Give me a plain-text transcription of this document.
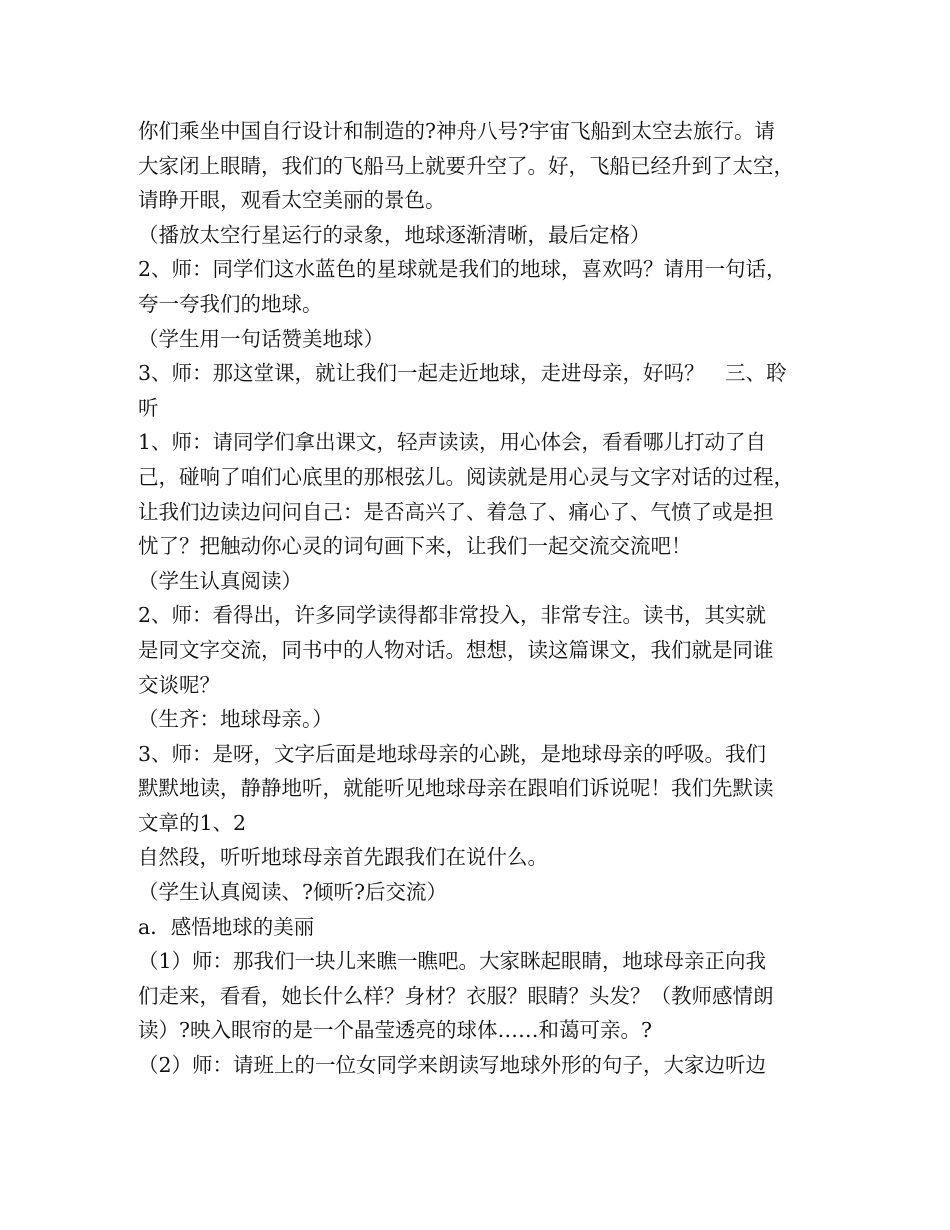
你们乘坐中国自行设计和制造的?神舟八号?宇宙飞船到太空去旅行。请
大家闭上眼睛，我们的飞船马上就要升空了。好，飞船已经升到了太空，
请睁开眼，观看太空美丽的景色。
（播放太空行星运行的录象，地球逐渐清晰，最后定格）
2、师：同学们这水蓝色的星球就是我们的地球，喜欢吗？请用一句话，
夸一夸我们的地球。
（学生用一句话赞美地球）
3、师：那这堂课，就让我们一起走近地球，走进母亲，好吗？　三、聆
听
1、师：请同学们拿出课文，轻声读读，用心体会，看看哪儿打动了自
己，碰响了咱们心底里的那根弦儿。阅读就是用心灵与文字对话的过程，
让我们边读边问问自己：是否高兴了、着急了、痛心了、气愤了或是担
忧了？把触动你心灵的词句画下来，让我们一起交流交流吧！
（学生认真阅读）
2、师：看得出，许多同学读得都非常投入，非常专注。读书，其实就
是同文字交流，同书中的人物对话。想想，读这篇课文，我们就是同谁
交谈呢？
（生齐：地球母亲。）
3、师：是呀，文字后面是地球母亲的心跳，是地球母亲的呼吸。我们
默默地读，静静地听，就能听见地球母亲在跟咱们诉说呢！我们先默读
文章的1、2
自然段，听听地球母亲首先跟我们在说什么。
（学生认真阅读、?倾听?后交流）
a．感悟地球的美丽
（1）师：那我们一块儿来瞧一瞧吧。大家眯起眼睛，地球母亲正向我
们走来，看看，她长什么样？身材？衣服？眼睛？头发？（教师感情朗
读）?映入眼帘的是一个晶莹透亮的球体……和蔼可亲。?
（2）师：请班上的一位女同学来朗读写地球外形的句子，大家边听边
